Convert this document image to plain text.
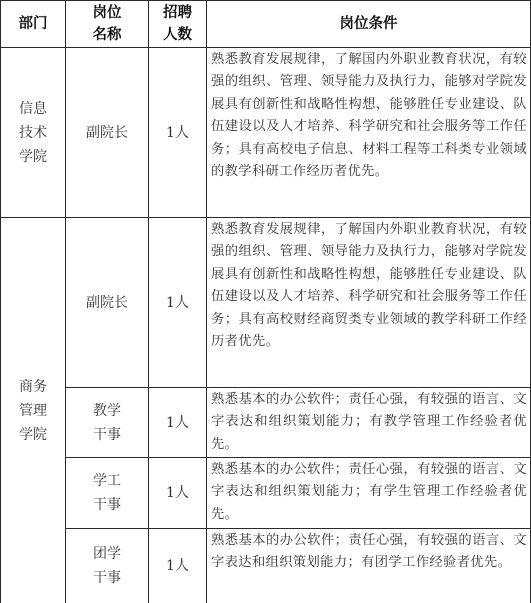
部门
岗位
名称
招聘
人数
岗位条件
信息
技术
学院
副院长	1人
熟悉教育发展规律，了解国内外职业教育状况，有较强的组织、管理、领导能力及执行力，能够对学院发展具有创新性和战略性构想，能够胜任专业建设、队伍建设以及人才培养、科学研究和社会服务等工作任务；具有高校电子信息、材料工程等工科类专业领域的教学科研工作经历者优先。
商务
管理
学院
副院长	1人
熟悉教育发展规律，了解国内外职业教育状况，有较强的组织、管理、领导能力及执行力，能够对学院发展具有创新性和战略性构想，能够胜任专业建设、队伍建设以及人才培养、科学研究和社会服务等工作任务；具有高校财经商贸类专业领域的教学科研工作经历者优先。
教学
干事
1人
熟悉基本的办公软件；责任心强，有较强的语言、文字表达和组织策划能力；有教学管理工作经验者优先。
学工
干事
1人
熟悉基本的办公软件；责任心强，有较强的语言、文字表达和组织策划能力；有学生管理工作经验者优先。
团学
干事
1人
熟悉基本的办公软件；责任心强，有较强的语言、文字表达和组织策划能力；有团学工作经验者优先。
